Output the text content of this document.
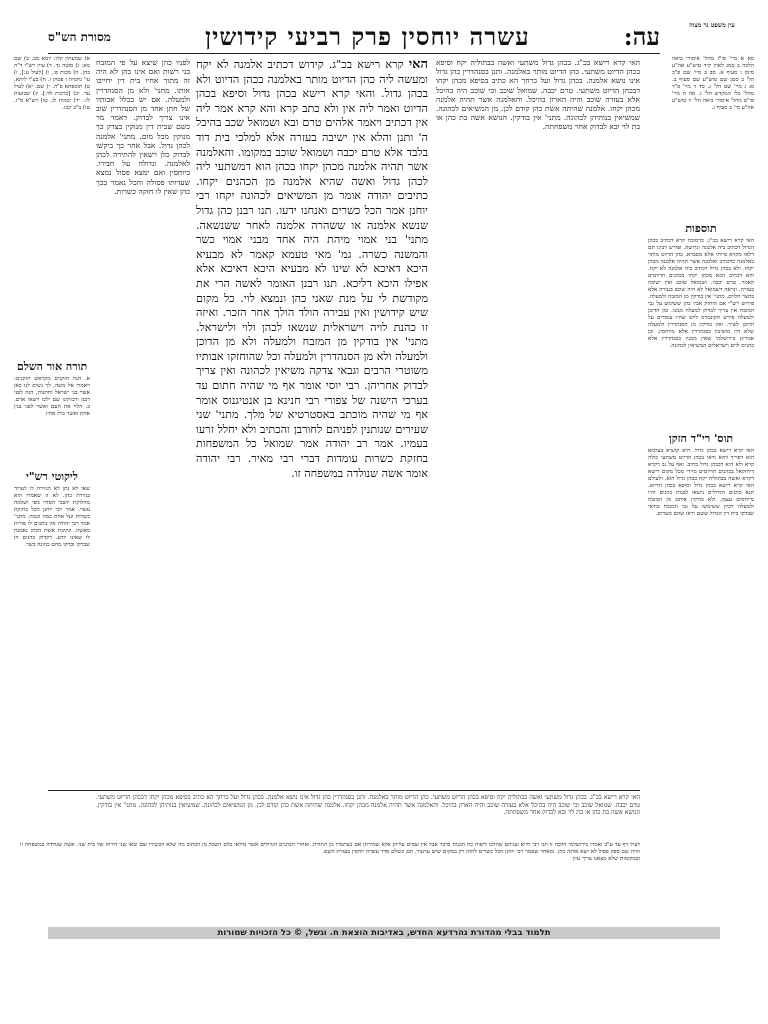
עה:
עשרה יוחסין פרק רביעי קידושין
מסורת הש"ס
עין משפט נר מצוה

סא א מיי' פי"ז מהל' איסורי ביאה הלכה ב סמג לאוין קיד טוש"ע אה"ע סימן ו סעיף א. סב ב מיי' שם פ"כ הל' ב סמג שם טוש"ע שם סעיף ב. סג ג מיי' שם הל' ג. סד ד מיי' פ"ד מהל' כלי המקדש הל' ג. סה ה מיי' פי"ט מהל' איסורי ביאה הל' יז טוש"ע אה"ע סי' ב סעיף ג.

תוספות

האי קרא רישא בכ"ג. כדמוכח קרא דכתיב בכהן הגדול דכתיב ביה אלמנה וגרושה. ופירש רבינו תם דלאו מקרא מייתי אלא מסברא. כהן הדיוט מותר באלמנה כדכתיב ואלמנה אשר תהיה אלמנה מכהן יקחו. ולא בכהן גדול דכתיב ביה אלמנה לא יקח. והא דכתיב הכא מכהן יקחו בכהנים הדיוטים קאמר. טרם יכבה. ושמואל שוכב ואין ישיבה בעזרה. ונראה דשמואל לא היה שוכב בעזרה אלא בחצר הלוים. מתני' אין בודקין מן המזבח ולמעלה. פירוש רש"י אם הוחזק אביו כהן ששימש על גבי המזבח אין צריך לבדוק למעלה ממנו. ומן הדוכן ולמעלה פירש הקונטרס לוים שהיו עומדים על הדוכן לשיר. ואין בודקין מן הסנהדרין ולמעלה שלא היו מושיבין בסנהדרין אלא מיוחסין. וכן אמרינן בירושלמי שאין ממנין בסנהדרין אלא כהנים לוים וישראלים המשיאין לכהונה.

תוס' רי"ד הזקן

האי קרא רישא בכהן גדול. היא קושיא בעלמא הוא דפריך דהא ודאי בכהן הדיוט משתעי כולה קרא ולא היא דבכהן גדול כתיב. ואף על גב דקרא דיחזקאל בכהנים הדיוטים מיירי מכל מקום רישא דקרא ואשה בבתוליה יקח בכהן גדול הוא. ולעולם האי קרא רישא בכהן גדול וסיפא בכהן הדיוט. תנא כהנים הגדולים נישאו לבנות כהנים והיו מייחסים עצמן. ולא בודקין אותם מן המזבח ולמעלה דכיון ששימשו על גבי המזבח בודאי שבדקו בית דין הגדול ששם וראו שהם כשרים.

האי קרא רישא בכ"ג. בכהן גדול משתעי ואשה בבתוליה יקח וסיפא בכהן הדיוט משתעי. כהן הדיוט מותר באלמנה. ותנן בסנהדרין כהן גדול אינו נושא אלמנה. בכהן גדול ועל כרחך הא כתיב בסיפא מכהן יקחו דבכהן הדיוט משתעי. טרם יכבה. שמואל שוכב וכי שוכב היה בהיכל אלא בעזרה שוכב והיה הארון בהיכל. והאלמנה אשר תהיה אלמנה מכהן יקחו. אלמנה שהיתה אשת כהן קודם לכן. מן המשיאים לכהונה. שמשיאין בנותיהן לכהונה. מתני' אין בודקין. הנושא אשה בת כהן או בת לוי ובא לבדוק אחר משפחתה.

האי קרא רישא בכ"ג. קידוש דכתיב אלמנה לא יקח ומעשה ליה כהן הדיוט מותר באלמנה בכהן הדיוט ולא בכהן גדול. והאי קרא רישא בכהן גדול וסיפא בכהן הדיוט ואמר ליה אין ולא כתב קרא והא קרא אמר ליה אין דכתיב ויאמר אלהים טרם ובא ושמואל שכב בהיכל ה' ותנן והלא אין ישיבה בעזרה אלא למלכי בית דוד בלבד אלא טרם יכבה ושמואל שוכב במקומו. והאלמנה אשר תהיה אלמנה מכהן יקחו בכהן הוא דמשתעי ליה לכהן גדול ואשה שהיא אלמנה מן הכהנים יקחו. כתיבים יהודה אומר מן המשיאים לכהונה יקחו רבי יוחנן אמר הכל כשרים ואנחנו ידעו. תנו רבנן כהן גדול שנשא אלמנה או ששהרה אלמנה לאחר ששנשאה. מתני' בני אמוי מיהת היה אחד מבני אמוי כשר והמשנה כשרה. גמ' מאי טעמא קאמר לא מבעיא היכא דאיכא לא שינו לא מבעיא היכא דאיכא אלא אפילו היכא דליכא. תנו רבנן האומר לאשה הרי את מקודשת לי על מנת שאני כהן ונמצא לוי. כל מקום שיש קידושין ואין עבירה הולד הולך אחר הזכר. ואיזה זו כהנת לויה וישראלית שנשאו לכהן ולוי ולישראל. מתני' אין בודקין מן המזבח ולמעלה ולא מן הדוכן ולמעלה ולא מן הסנהדרין ולמעלה וכל שהוחזקו אבותיו משוטרי הרבים וגבאי צדקה משיאין לכהונה ואין צריך לבדוק אחריהן. רבי יוסי אומר אף מי שהיה חתום עד בערכי הישנה של צפורי רבי חנינא בן אנטיגנוס אומר אף מי שהיה מוכתב באסטרטיא של מלך. מתני' שני שעירים שנותנין לפניהם לחורבן והכתיב ולא יחלל זרעו בעמיו. אמר רב יהודה אמר שמואל כל המשפחות בחזקת כשרות עומדות דברי רבי מאיר. רבי יהודה אומר אשה שנולדה במשפחה זו.

לפניו כהן שיצא על פי המזבח בני רשות ואם אינו כהן לא היה זה מתוך אחיו בית דין יחייבו אותו. מתני' ולא מן הסנהדרין ולמעלה. אם יש בכלל אבותיו של חתן אחד מן הסנהדרין שוב אינו צריך לבדוק. דאמר מר כשם שבית דין מנוקין בצדק כך מנוקין מכל מום. מתני' אלמנה לכהן גדול. אבל אחר כך ביקשו לבדוק כלן רשאין להתירה לכהן לאלמנה. וגדולה על חבירו. ביוחסין ואם ימצא פסול נמצא שעדותו פסולה והכל נאמר בכך כהן שאין לו חזקה כשרות.

א) שמעתין קלו: יומא מב. ב) שם מא: ג) סוטה נד. ד) עיין רש"י ד"ה כהן. ה) מכות פ:, ו) [לעיל ע:], ז) עי' נחמיה ז פסוק ז. ח) בע"י ליתא. ט) תוספתא פ"ה. י) שם. יא) לעיל עד. יב) [ברכות לד:]. יג) שבועות לז:. יד) יבמות לג. טו) רש"א מ"ז. טז) ב"ב קכז.

תורה אור השלם

א. הנה הזקנים מקראש הזקנים: ויאמרו אל משה, לך נשים לנו כאן אשר בני ישראל וחתנות, הנה לפני רבנן ורבותינו שם ילכו וישאו אדם. ב. הלוי את העם ואשר לפני בנין אחת ואשר בית אחיו.

ליקוטי רש"י

שאו לא נתן לא הגזירה לו לערוך בגזירת כהן. לא זו שאמרו הוא מחלוקת יושבי הסדר מפי ושלמה עשוי. אמר רבי יוחנן הכל בחזקת כשרות ועל אחת כמה וכמה. מתני' אמר רבי יהודה אין נותנים לו פורות מאשה. ונקיבת אשת הכהן נאמנת לו שאינו יודע. דקדוק כהנים הן שבדקו ובדקו מהם כהונה כשר.

האי קרא רישא בכ"ג. בכהן גדול משתעי ואשה בבתוליה יקח וסיפא בכהן הדיוט משתעי. כהן הדיוט מותר באלמנה. ותנן בסנהדרין כהן גדול אינו נושא אלמנה. בכהן גדול ועל כרחך הא כתיב בסיפא מכהן יקחו דבכהן הדיוט משתעי. טרם יכבה. שמואל שוכב וכי שוכב היה בהיכל אלא בעזרה שוכב והיה הארון בהיכל. והאלמנה אשר תהיה אלמנה מכהן יקחו. אלמנה שהיתה אשת כהן קודם לכן. מן המשיאים לכהונה. שמשיאין בנותיהן לכהונה. מתני' אין בודקין. הנושא אשה בת כהן או בת לוי ובא לבדוק אחר משפחתה.

לעיל דף עד ע"ב ואמרו בירושלמי הלכה זו תני רבי חייא שניהם שהלכו ליפות כח הבנות בדבר אבל אין שמים עליהן אלא שמירתן אם נשתמרו מן התורה. ואחרי הכהנים הגדולים אשר מילאו כלם השכל מן הכתוב מה שלא הכשירו שם ובאו שני דורות של בית שני. אשה שנולדה במשפחה זו והיה שם ספק פסול לא ישא אותה כהן. ומאחר שאמר רבי יוחנן הכל כשרים לחתן רק במקום שיש ערעור. תם ונשלם סדר עשרה יוחסין בעזרת השם.

ובמקומות שלא מצאנו צריך עיון

תלמוד בבלי מהדורת נהרדעא החדש, באדיבות הוצאת ח. וגשל, © כל הזכויות שמורות
